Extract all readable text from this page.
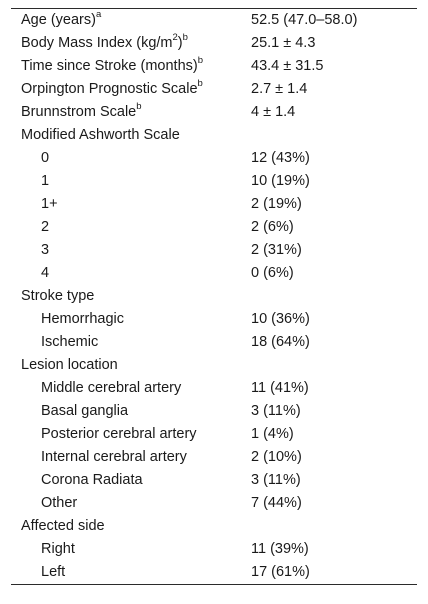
Age (years)$^a$	52.5 (47.0–58.0)
Body Mass Index $(kg/m^2)^b$	25.1 ± 4.3
Time since Stroke (months)$^b$	43.4 ± 31.5
Orpington Prognostic Scale$^b$	2.7 ± 1.4
Brunnstrom Scale$^b$	4 ± 1.4
Modified Ashworth Scale
0	12 (43%)
1	10 (19%)
1+	2 (19%)
2	2 (6%)
3	2 (31%)
4	0 (6%)
Stroke type
Hemorrhagic	10 (36%)
Ischemic	18 (64%)
Lesion location
Middle cerebral artery	11 (41%)
Basal ganglia	3 (11%)
Posterior cerebral artery	1 (4%)
Internal cerebral artery	2 (10%)
Corona Radiata	3 (11%)
Other	7 (44%)
Affected side
Right	11 (39%)
Left	17 (61%)
